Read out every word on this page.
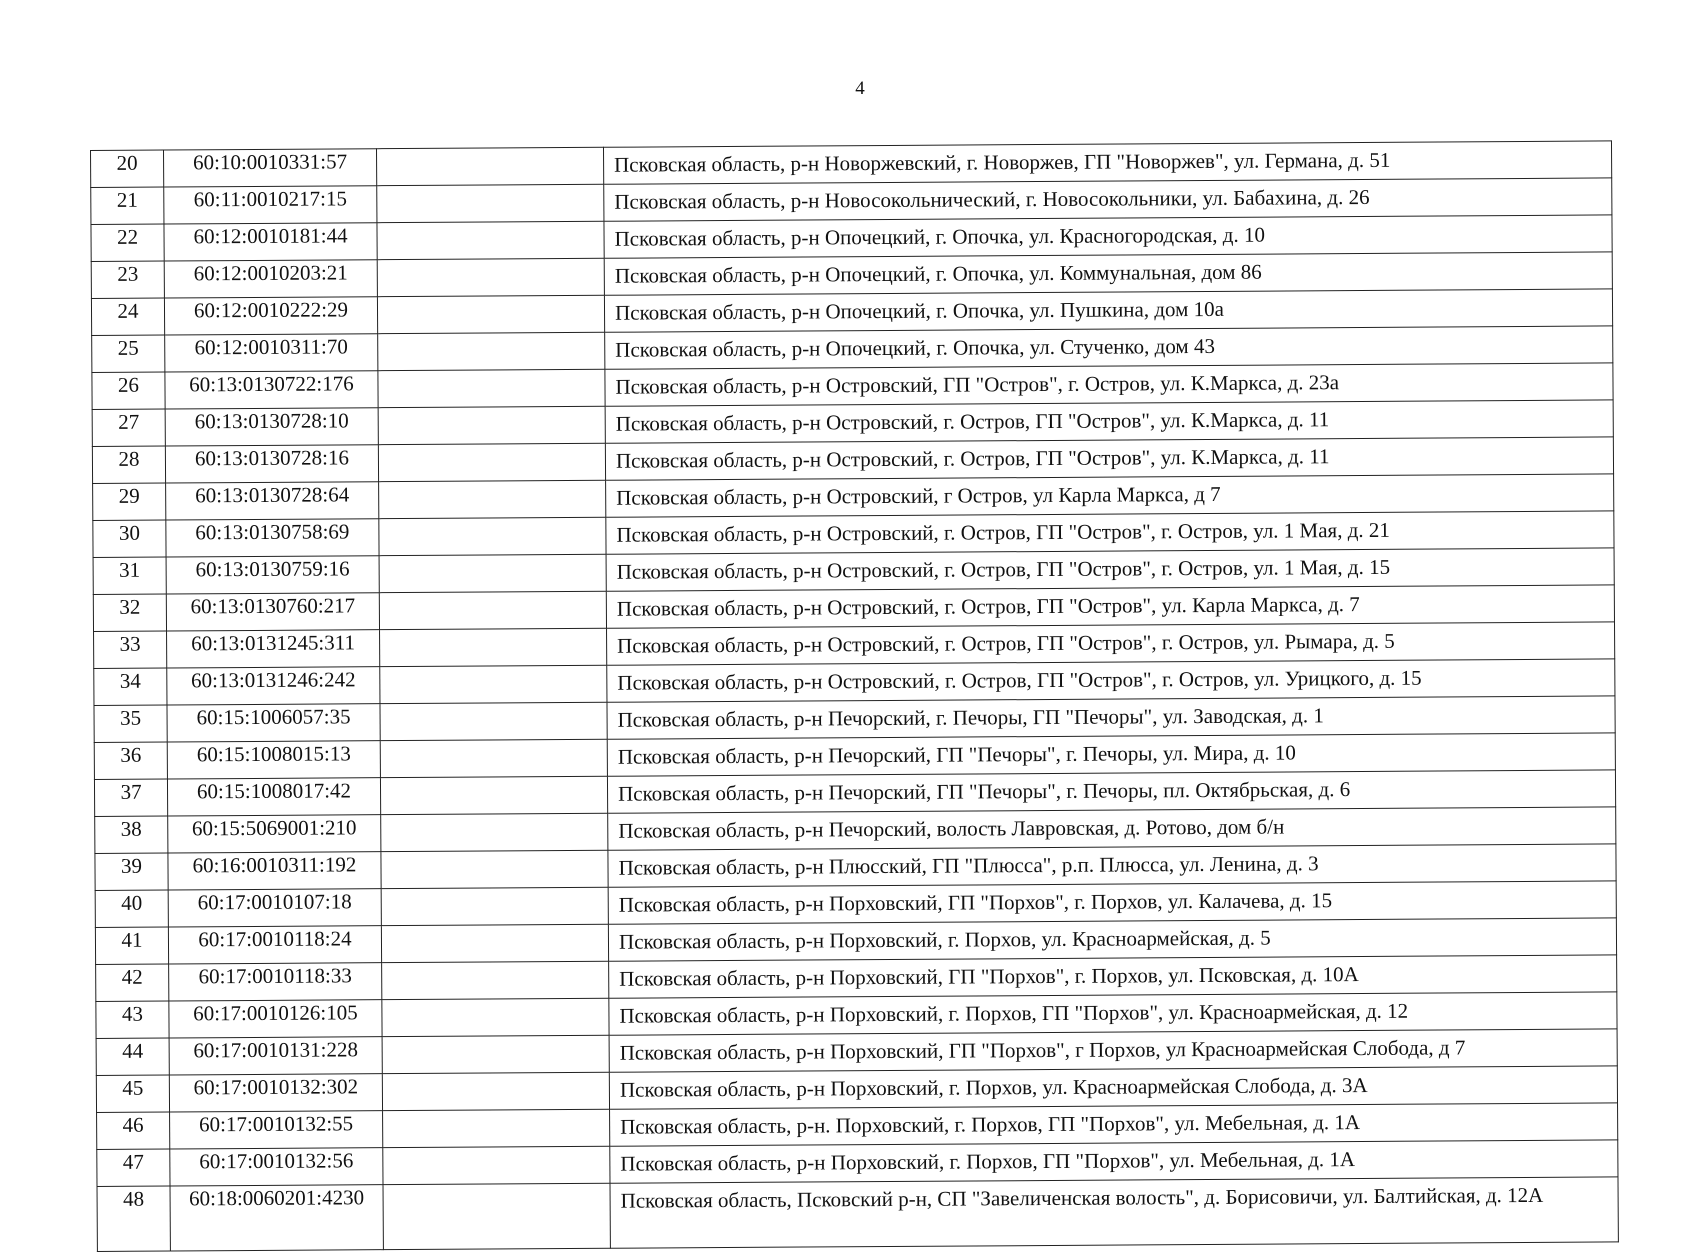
4
20	60:10:0010331:57		Псковская область, р-н Новоржевский, г. Новоржев, ГП "Новоржев", ул. Германа, д. 51
21	60:11:0010217:15		Псковская область, р-н Новосокольнический, г. Новосокольники, ул. Бабахина, д. 26
22	60:12:0010181:44		Псковская область, р-н Опочецкий, г. Опочка, ул. Красногородская, д. 10
23	60:12:0010203:21		Псковская область, р-н Опочецкий, г. Опочка, ул. Коммунальная, дом 86
24	60:12:0010222:29		Псковская область, р-н Опочецкий, г. Опочка, ул. Пушкина, дом 10а
25	60:12:0010311:70		Псковская область, р-н Опочецкий, г. Опочка, ул. Стученко, дом 43
26	60:13:0130722:176		Псковская область, р-н Островский, ГП "Остров", г. Остров, ул. К.Маркса, д. 23а
27	60:13:0130728:10		Псковская область, р-н Островский, г. Остров, ГП "Остров", ул. К.Маркса, д. 11
28	60:13:0130728:16		Псковская область, р-н Островский, г. Остров, ГП "Остров", ул. К.Маркса, д. 11
29	60:13:0130728:64		Псковская область, р-н Островский, г Остров, ул Карла Маркса, д 7
30	60:13:0130758:69		Псковская область, р-н Островский, г. Остров, ГП "Остров", г. Остров, ул. 1 Мая, д. 21
31	60:13:0130759:16		Псковская область, р-н Островский, г. Остров, ГП "Остров", г. Остров, ул. 1 Мая, д. 15
32	60:13:0130760:217		Псковская область, р-н Островский, г. Остров, ГП "Остров", ул. Карла Маркса, д. 7
33	60:13:0131245:311		Псковская область, р-н Островский, г. Остров, ГП "Остров", г. Остров, ул. Рымара, д. 5
34	60:13:0131246:242		Псковская область, р-н Островский, г. Остров, ГП "Остров", г. Остров, ул. Урицкого, д. 15
35	60:15:1006057:35		Псковская область, р-н Печорский, г. Печоры, ГП "Печоры", ул. Заводская, д. 1
36	60:15:1008015:13		Псковская область, р-н Печорский, ГП "Печоры", г. Печоры, ул. Мира, д. 10
37	60:15:1008017:42		Псковская область, р-н Печорский, ГП "Печоры", г. Печоры, пл. Октябрьская, д. 6
38	60:15:5069001:210		Псковская область, р-н Печорский, волость Лавровская, д. Ротово, дом б/н
39	60:16:0010311:192		Псковская область, р-н Плюсский, ГП "Плюсса", р.п. Плюсса, ул. Ленина, д. 3
40	60:17:0010107:18		Псковская область, р-н Порховский, ГП "Порхов", г. Порхов, ул. Калачева, д. 15
41	60:17:0010118:24		Псковская область, р-н Порховский, г. Порхов, ул. Красноармейская, д. 5
42	60:17:0010118:33		Псковская область, р-н Порховский, ГП "Порхов", г. Порхов, ул. Псковская, д. 10А
43	60:17:0010126:105		Псковская область, р-н Порховский, г. Порхов, ГП "Порхов", ул. Красноармейская, д. 12
44	60:17:0010131:228		Псковская область, р-н Порховский, ГП "Порхов", г Порхов, ул Красноармейская Слобода, д 7
45	60:17:0010132:302		Псковская область, р-н Порховский, г. Порхов, ул. Красноармейская Слобода, д. 3А
46	60:17:0010132:55		Псковская область, р-н. Порховский, г. Порхов, ГП "Порхов", ул. Мебельная, д. 1А
47	60:17:0010132:56		Псковская область, р-н Порховский, г. Порхов, ГП "Порхов", ул. Мебельная, д. 1А
48	60:18:0060201:4230		Псковская область, Псковский р-н, СП "Завеличенская волость", д. Борисовичи, ул. Балтийская, д. 12А
